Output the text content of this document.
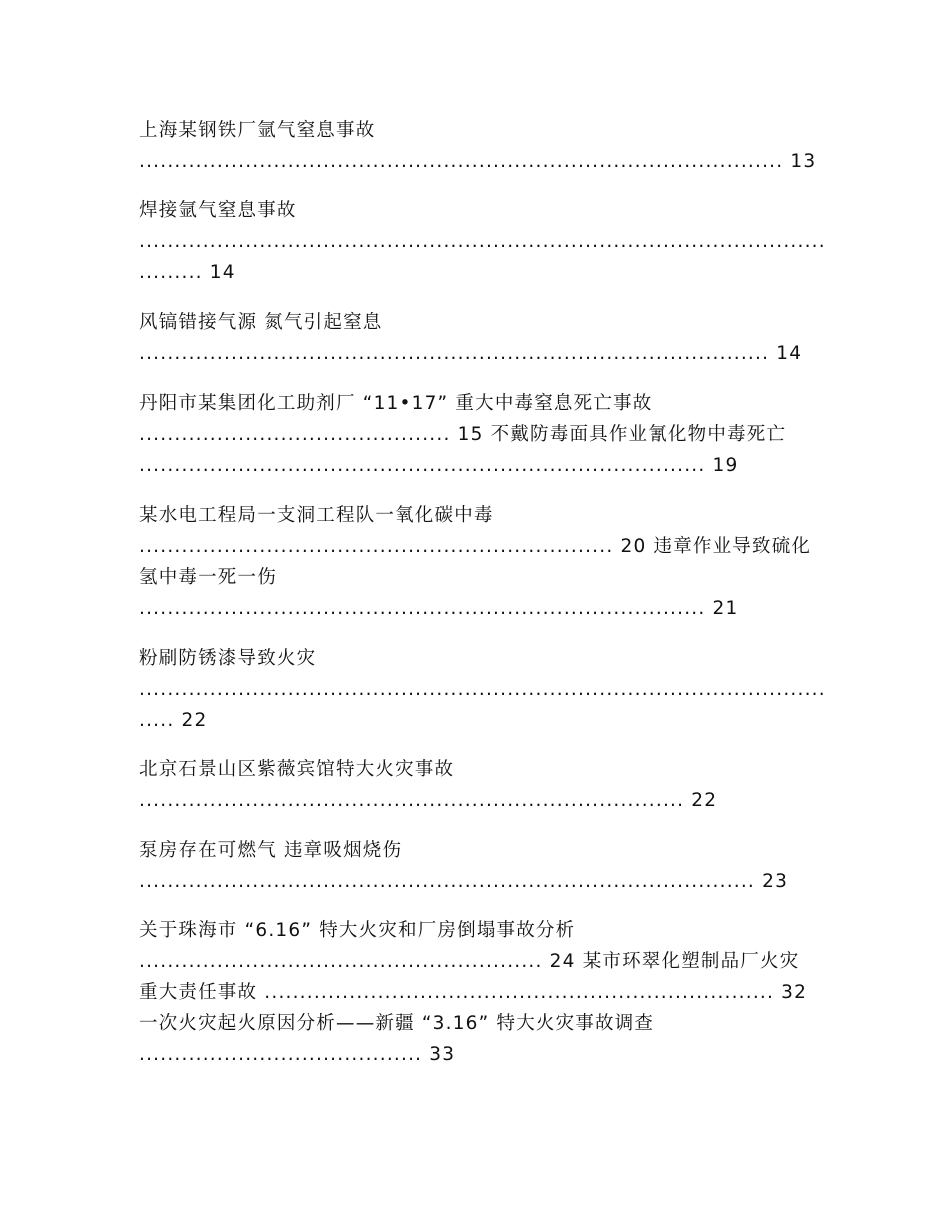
上海某钢铁厂氩气窒息事故
........................................................................................... 13
焊接氩气窒息事故
.................................................................................................
......... 14
风镐错接气源 氮气引起窒息
......................................................................................... 14
丹阳市某集团化工助剂厂 “11•17” 重大中毒窒息死亡事故
............................................ 15 不戴防毒面具作业氰化物中毒死亡
................................................................................ 19
某水电工程局一支洞工程队一氧化碳中毒
................................................................... 20 违章作业导致硫化
氢中毒一死一伤
................................................................................ 21
粉刷防锈漆导致火灾
.................................................................................................
..... 22
北京石景山区紫薇宾馆特大火灾事故
............................................................................. 22
泵房存在可燃气 违章吸烟烧伤
....................................................................................... 23
关于珠海市 “6.16” 特大火灾和厂房倒塌事故分析
......................................................... 24 某市环翠化塑制品厂火灾
重大责任事故 ........................................................................ 32
一次火灾起火原因分析——新疆 “3.16” 特大火灾事故调查
........................................ 33
